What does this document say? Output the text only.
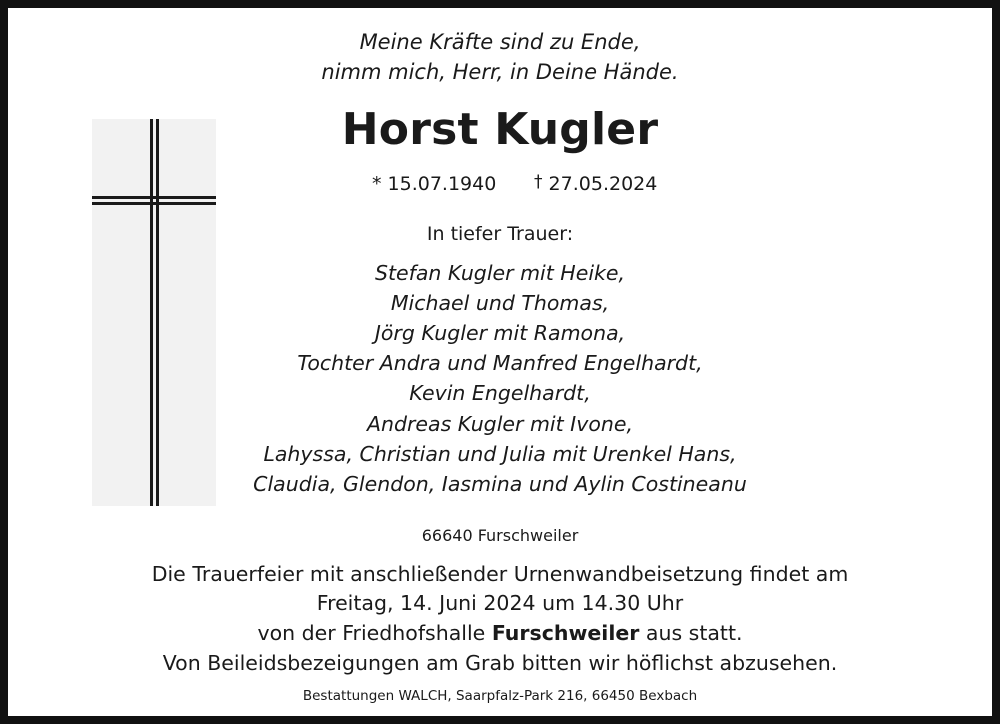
Meine Kräfte sind zu Ende,
nimm mich, Herr, in Deine Hände.
Horst Kugler
* 15.07.1940 † 27.05.2024
In tiefer Trauer:
Stefan Kugler mit Heike,
Michael und Thomas,
Jörg Kugler mit Ramona,
Tochter Andra und Manfred Engelhardt,
Kevin Engelhardt,
Andreas Kugler mit Ivone,
Lahyssa, Christian und Julia mit Urenkel Hans,
Claudia, Glendon, Iasmina und Aylin Costineanu
66640 Furschweiler
Die Trauerfeier mit anschließender Urnenwandbeisetzung findet am
Freitag, 14. Juni 2024 um 14.30 Uhr
von der Friedhofshalle Furschweiler aus statt.
Von Beileidsbezeigungen am Grab bitten wir höflichst abzusehen.
Bestattungen WALCH, Saarpfalz-Park 216, 66450 Bexbach
